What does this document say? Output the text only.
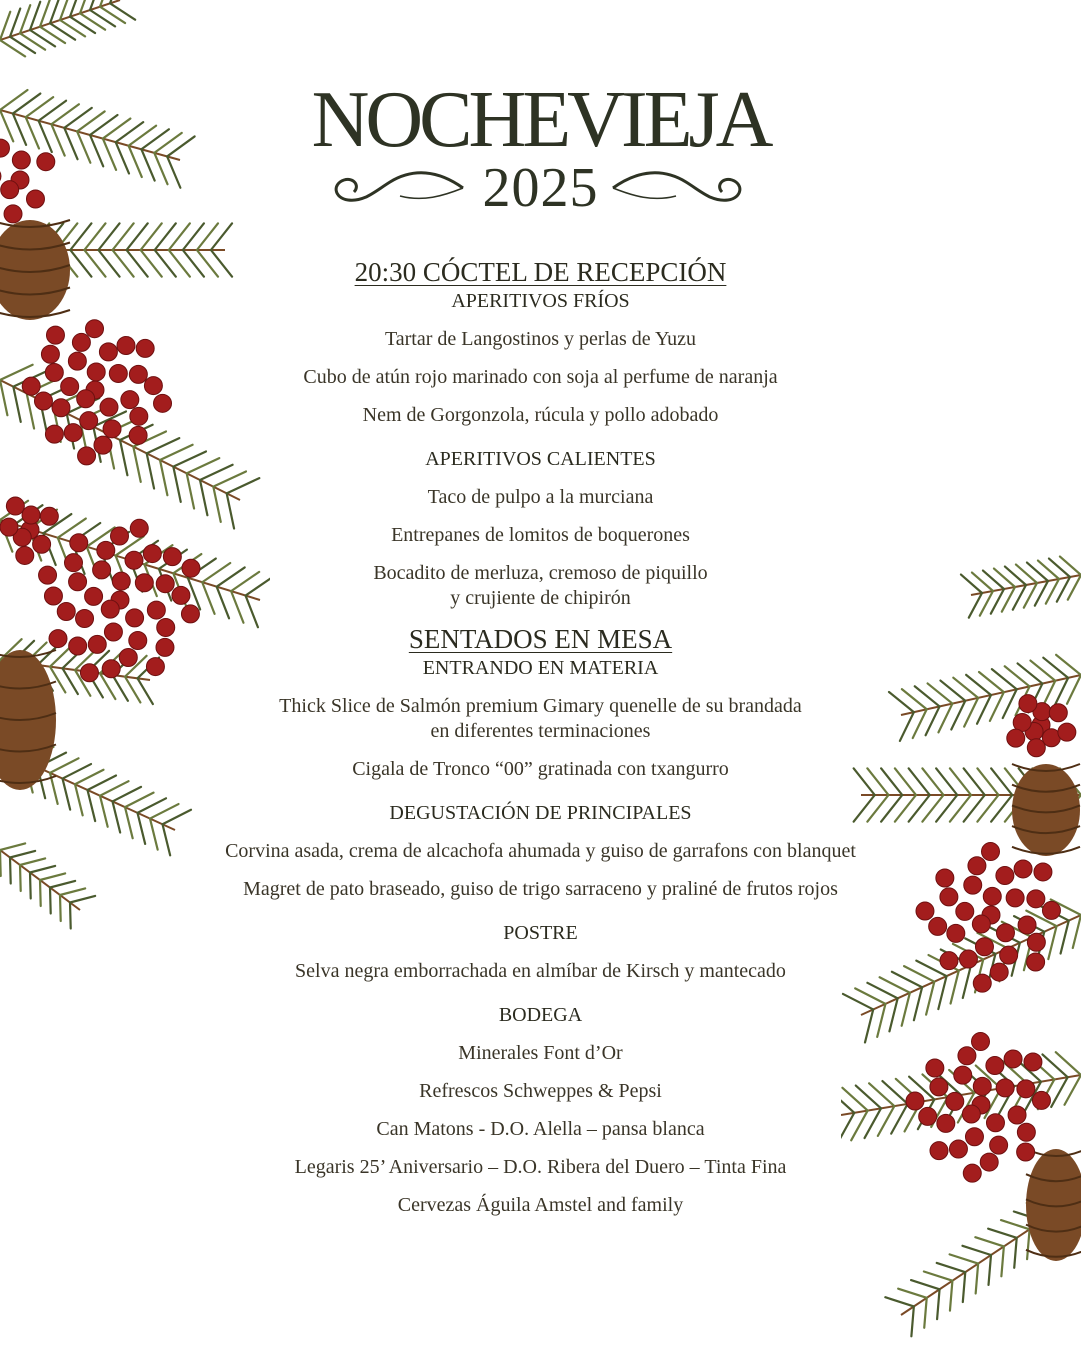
NOCHEVIEJA
2025
20:30 CÓCTEL DE RECEPCIÓN
APERITIVOS FRÍOS
Tartar de Langostinos y perlas de Yuzu
Cubo de atún rojo marinado con soja al perfume de naranja
Nem de Gorgonzola, rúcula y pollo adobado
APERITIVOS CALIENTES
Taco de pulpo a la murciana
Entrepanes de lomitos de boquerones
Bocadito de merluza, cremoso de piquillo
y crujiente de chipirón
SENTADOS EN MESA
ENTRANDO EN MATERIA
Thick Slice de Salmón premium Gimary quenelle de su brandada
en diferentes terminaciones
Cigala de Tronco “00” gratinada con txangurro
DEGUSTACIÓN DE PRINCIPALES
Corvina asada, crema de alcachofa ahumada y guiso de garrafons con blanquet
Magret de pato braseado, guiso de trigo sarraceno y praliné de frutos rojos
POSTRE
Selva negra emborrachada en almíbar de Kirsch y mantecado
BODEGA
Minerales Font d’Or
Refrescos Schweppes & Pepsi
Can Matons - D.O. Alella – pansa blanca
Legaris 25’ Aniversario – D.O. Ribera del Duero – Tinta Fina
Cervezas Águila Amstel and family
